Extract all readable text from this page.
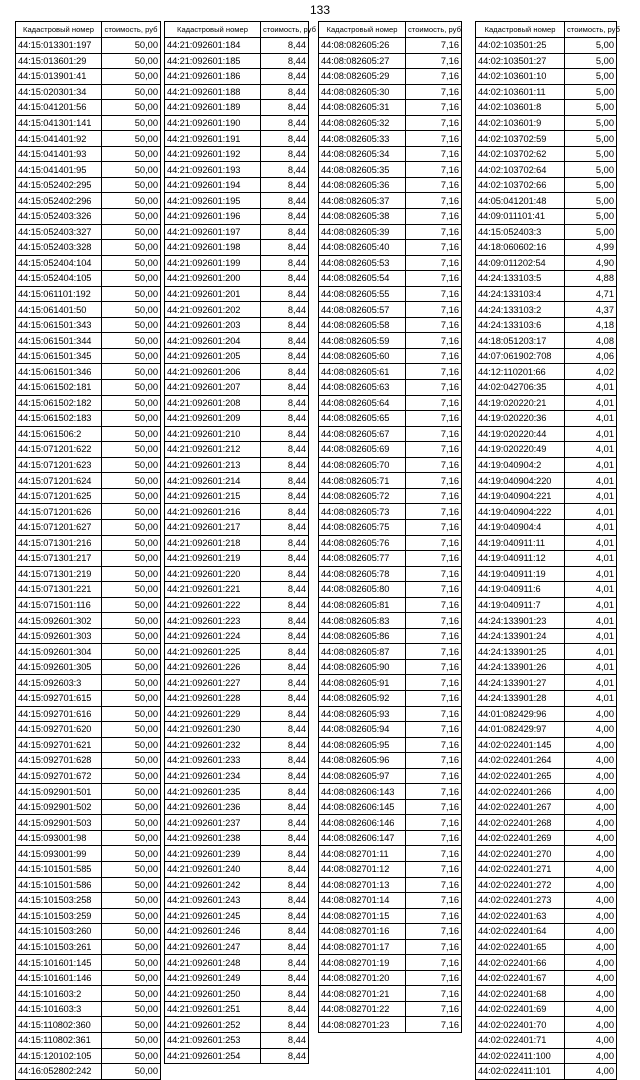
133
Кадастровый номер	стоимость, руб
44:15:013301:197	50,00
44:15:013601:29	50,00
44:15:013901:41	50,00
44:15:020301:34	50,00
44:15:041201:56	50,00
44:15:041301:141	50,00
44:15:041401:92	50,00
44:15:041401:93	50,00
44:15:041401:95	50,00
44:15:052402:295	50,00
44:15:052402:296	50,00
44:15:052403:326	50,00
44:15:052403:327	50,00
44:15:052403:328	50,00
44:15:052404:104	50,00
44:15:052404:105	50,00
44:15:061101:192	50,00
44:15:061401:50	50,00
44:15:061501:343	50,00
44:15:061501:344	50,00
44:15:061501:345	50,00
44:15:061501:346	50,00
44:15:061502:181	50,00
44:15:061502:182	50,00
44:15:061502:183	50,00
44:15:061506:2	50,00
44:15:071201:622	50,00
44:15:071201:623	50,00
44:15:071201:624	50,00
44:15:071201:625	50,00
44:15:071201:626	50,00
44:15:071201:627	50,00
44:15:071301:216	50,00
44:15:071301:217	50,00
44:15:071301:219	50,00
44:15:071301:221	50,00
44:15:071501:116	50,00
44:15:092601:302	50,00
44:15:092601:303	50,00
44:15:092601:304	50,00
44:15:092601:305	50,00
44:15:092603:3	50,00
44:15:092701:615	50,00
44:15:092701:616	50,00
44:15:092701:620	50,00
44:15:092701:621	50,00
44:15:092701:628	50,00
44:15:092701:672	50,00
44:15:092901:501	50,00
44:15:092901:502	50,00
44:15:092901:503	50,00
44:15:093001:98	50,00
44:15:093001:99	50,00
44:15:101501:585	50,00
44:15:101501:586	50,00
44:15:101503:258	50,00
44:15:101503:259	50,00
44:15:101503:260	50,00
44:15:101503:261	50,00
44:15:101601:145	50,00
44:15:101601:146	50,00
44:15:101603:2	50,00
44:15:101603:3	50,00
44:15:110802:360	50,00
44:15:110802:361	50,00
44:15:120102:105	50,00
44:16:052802:242	50,00
Кадастровый номер	стоимость, руб
44:21:092601:184	8,44
44:21:092601:185	8,44
44:21:092601:186	8,44
44:21:092601:188	8,44
44:21:092601:189	8,44
44:21:092601:190	8,44
44:21:092601:191	8,44
44:21:092601:192	8,44
44:21:092601:193	8,44
44:21:092601:194	8,44
44:21:092601:195	8,44
44:21:092601:196	8,44
44:21:092601:197	8,44
44:21:092601:198	8,44
44:21:092601:199	8,44
44:21:092601:200	8,44
44:21:092601:201	8,44
44:21:092601:202	8,44
44:21:092601:203	8,44
44:21:092601:204	8,44
44:21:092601:205	8,44
44:21:092601:206	8,44
44:21:092601:207	8,44
44:21:092601:208	8,44
44:21:092601:209	8,44
44:21:092601:210	8,44
44:21:092601:212	8,44
44:21:092601:213	8,44
44:21:092601:214	8,44
44:21:092601:215	8,44
44:21:092601:216	8,44
44:21:092601:217	8,44
44:21:092601:218	8,44
44:21:092601:219	8,44
44:21:092601:220	8,44
44:21:092601:221	8,44
44:21:092601:222	8,44
44:21:092601:223	8,44
44:21:092601:224	8,44
44:21:092601:225	8,44
44:21:092601:226	8,44
44:21:092601:227	8,44
44:21:092601:228	8,44
44:21:092601:229	8,44
44:21:092601:230	8,44
44:21:092601:232	8,44
44:21:092601:233	8,44
44:21:092601:234	8,44
44:21:092601:235	8,44
44:21:092601:236	8,44
44:21:092601:237	8,44
44:21:092601:238	8,44
44:21:092601:239	8,44
44:21:092601:240	8,44
44:21:092601:242	8,44
44:21:092601:243	8,44
44:21:092601:245	8,44
44:21:092601:246	8,44
44:21:092601:247	8,44
44:21:092601:248	8,44
44:21:092601:249	8,44
44:21:092601:250	8,44
44:21:092601:251	8,44
44:21:092601:252	8,44
44:21:092601:253	8,44
44:21:092601:254	8,44
Кадастровый номер	стоимость, руб
44:08:082605:26	7,16
44:08:082605:27	7,16
44:08:082605:29	7,16
44:08:082605:30	7,16
44:08:082605:31	7,16
44:08:082605:32	7,16
44:08:082605:33	7,16
44:08:082605:34	7,16
44:08:082605:35	7,16
44:08:082605:36	7,16
44:08:082605:37	7,16
44:08:082605:38	7,16
44:08:082605:39	7,16
44:08:082605:40	7,16
44:08:082605:53	7,16
44:08:082605:54	7,16
44:08:082605:55	7,16
44:08:082605:57	7,16
44:08:082605:58	7,16
44:08:082605:59	7,16
44:08:082605:60	7,16
44:08:082605:61	7,16
44:08:082605:63	7,16
44:08:082605:64	7,16
44:08:082605:65	7,16
44:08:082605:67	7,16
44:08:082605:69	7,16
44:08:082605:70	7,16
44:08:082605:71	7,16
44:08:082605:72	7,16
44:08:082605:73	7,16
44:08:082605:75	7,16
44:08:082605:76	7,16
44:08:082605:77	7,16
44:08:082605:78	7,16
44:08:082605:80	7,16
44:08:082605:81	7,16
44:08:082605:83	7,16
44:08:082605:86	7,16
44:08:082605:87	7,16
44:08:082605:90	7,16
44:08:082605:91	7,16
44:08:082605:92	7,16
44:08:082605:93	7,16
44:08:082605:94	7,16
44:08:082605:95	7,16
44:08:082605:96	7,16
44:08:082605:97	7,16
44:08:082606:143	7,16
44:08:082606:145	7,16
44:08:082606:146	7,16
44:08:082606:147	7,16
44:08:082701:11	7,16
44:08:082701:12	7,16
44:08:082701:13	7,16
44:08:082701:14	7,16
44:08:082701:15	7,16
44:08:082701:16	7,16
44:08:082701:17	7,16
44:08:082701:19	7,16
44:08:082701:20	7,16
44:08:082701:21	7,16
44:08:082701:22	7,16
44:08:082701:23	7,16
Кадастровый номер	стоимость, руб
44:02:103501:25	5,00
44:02:103501:27	5,00
44:02:103601:10	5,00
44:02:103601:11	5,00
44:02:103601:8	5,00
44:02:103601:9	5,00
44:02:103702:59	5,00
44:02:103702:62	5,00
44:02:103702:64	5,00
44:02:103702:66	5,00
44:05:041201:48	5,00
44:09:011101:41	5,00
44:15:052403:3	5,00
44:18:060602:16	4,99
44:09:011202:54	4,90
44:24:133103:5	4,88
44:24:133103:4	4,71
44:24:133103:2	4,37
44:24:133103:6	4,18
44:18:051203:17	4,08
44:07:061902:708	4,06
44:12:110201:66	4,02
44:02:042706:35	4,01
44:19:020220:21	4,01
44:19:020220:36	4,01
44:19:020220:44	4,01
44:19:020220:49	4,01
44:19:040904:2	4,01
44:19:040904:220	4,01
44:19:040904:221	4,01
44:19:040904:222	4,01
44:19:040904:4	4,01
44:19:040911:11	4,01
44:19:040911:12	4,01
44:19:040911:19	4,01
44:19:040911:6	4,01
44:19:040911:7	4,01
44:24:133901:23	4,01
44:24:133901:24	4,01
44:24:133901:25	4,01
44:24:133901:26	4,01
44:24:133901:27	4,01
44:24:133901:28	4,01
44:01:082429:96	4,00
44:01:082429:97	4,00
44:02:022401:145	4,00
44:02:022401:264	4,00
44:02:022401:265	4,00
44:02:022401:266	4,00
44:02:022401:267	4,00
44:02:022401:268	4,00
44:02:022401:269	4,00
44:02:022401:270	4,00
44:02:022401:271	4,00
44:02:022401:272	4,00
44:02:022401:273	4,00
44:02:022401:63	4,00
44:02:022401:64	4,00
44:02:022401:65	4,00
44:02:022401:66	4,00
44:02:022401:67	4,00
44:02:022401:68	4,00
44:02:022401:69	4,00
44:02:022401:70	4,00
44:02:022401:71	4,00
44:02:022411:100	4,00
44:02:022411:101	4,00
